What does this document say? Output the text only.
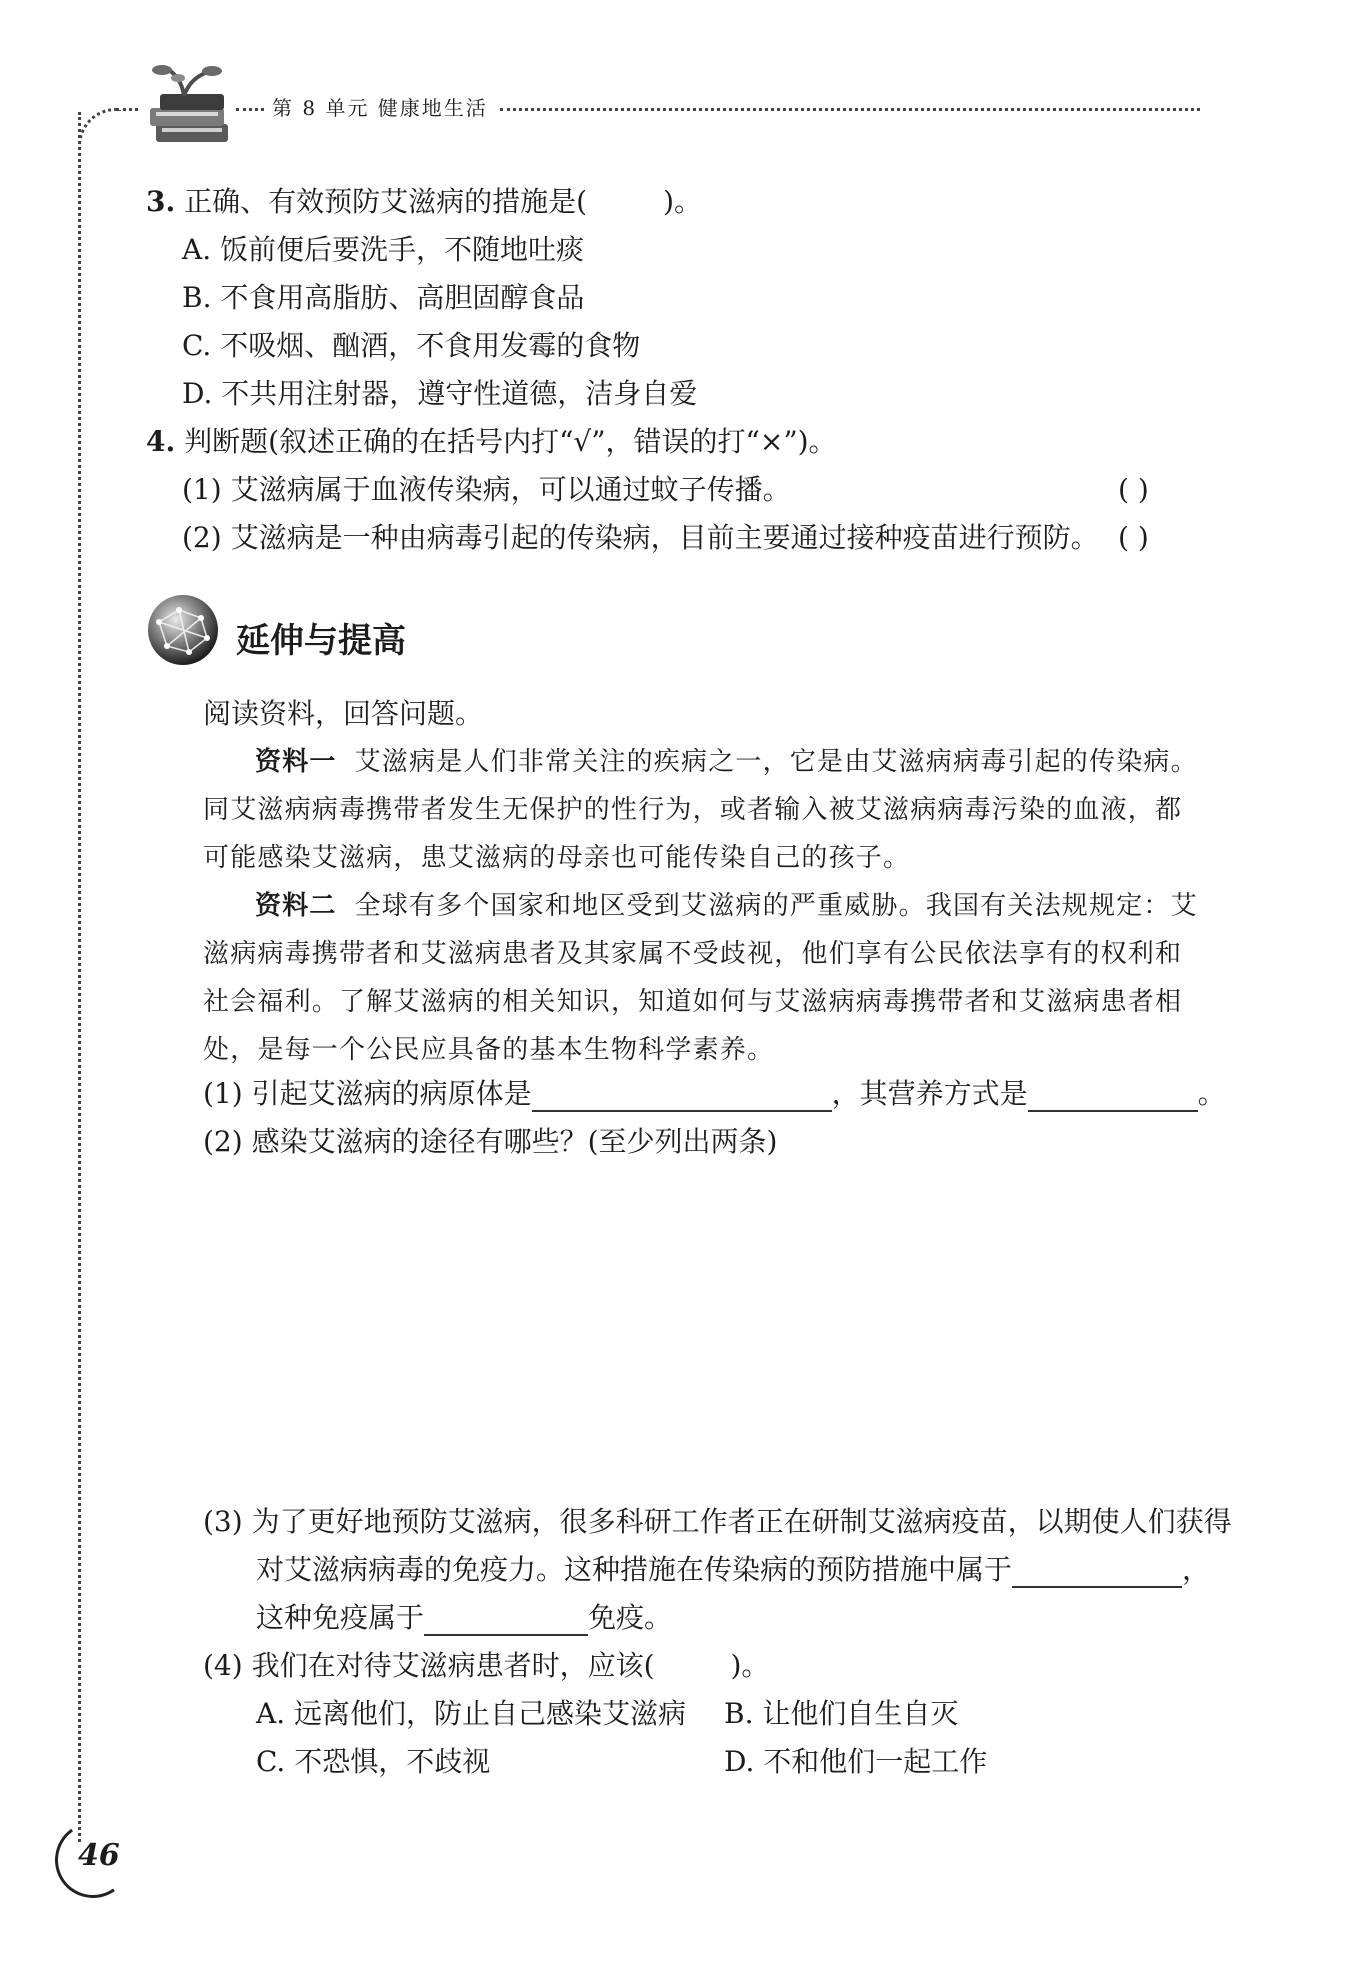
第 8 单元 健康地生活
3. 正确、有效预防艾滋病的措施是(	)。
A. 饭前便后要洗手，不随地吐痰
B. 不食用高脂肪、高胆固醇食品
C. 不吸烟、酗酒，不食用发霉的食物
D. 不共用注射器，遵守性道德，洁身自爱
4. 判断题(叙述正确的在括号内打“√”，错误的打“×”)。
(1) 艾滋病属于血液传染病，可以通过蚊子传播。	( )
(2) 艾滋病是一种由病毒引起的传染病，目前主要通过接种疫苗进行预防。 ( )
延伸与提高
阅读资料，回答问题。
资料一 艾滋病是人们非常关注的疾病之一，它是由艾滋病病毒引起的传染病。同艾滋病病毒携带者发生无保护的性行为，或者输入被艾滋病病毒污染的血液，都可能感染艾滋病，患艾滋病的母亲也可能传染自己的孩子。
资料二 全球有多个国家和地区受到艾滋病的严重威胁。我国有关法规规定：艾滋病病毒携带者和艾滋病患者及其家属不受歧视，他们享有公民依法享有的权利和社会福利。了解艾滋病的相关知识，知道如何与艾滋病病毒携带者和艾滋病患者相处，是每一个公民应具备的基本生物科学素养。
(1) 引起艾滋病的病原体是	，其营养方式是	。
(2) 感染艾滋病的途径有哪些？(至少列出两条)
(3) 为了更好地预防艾滋病，很多科研工作者正在研制艾滋病疫苗，以期使人们获得
对艾滋病病毒的免疫力。这种措施在传染病的预防措施中属于	，
这种免疫属于	免疫。
(4) 我们在对待艾滋病患者时，应该(	)。
A. 远离他们，防止自己感染艾滋病 B. 让他们自生自灭
C. 不恐惧，不歧视	D. 不和他们一起工作
46
